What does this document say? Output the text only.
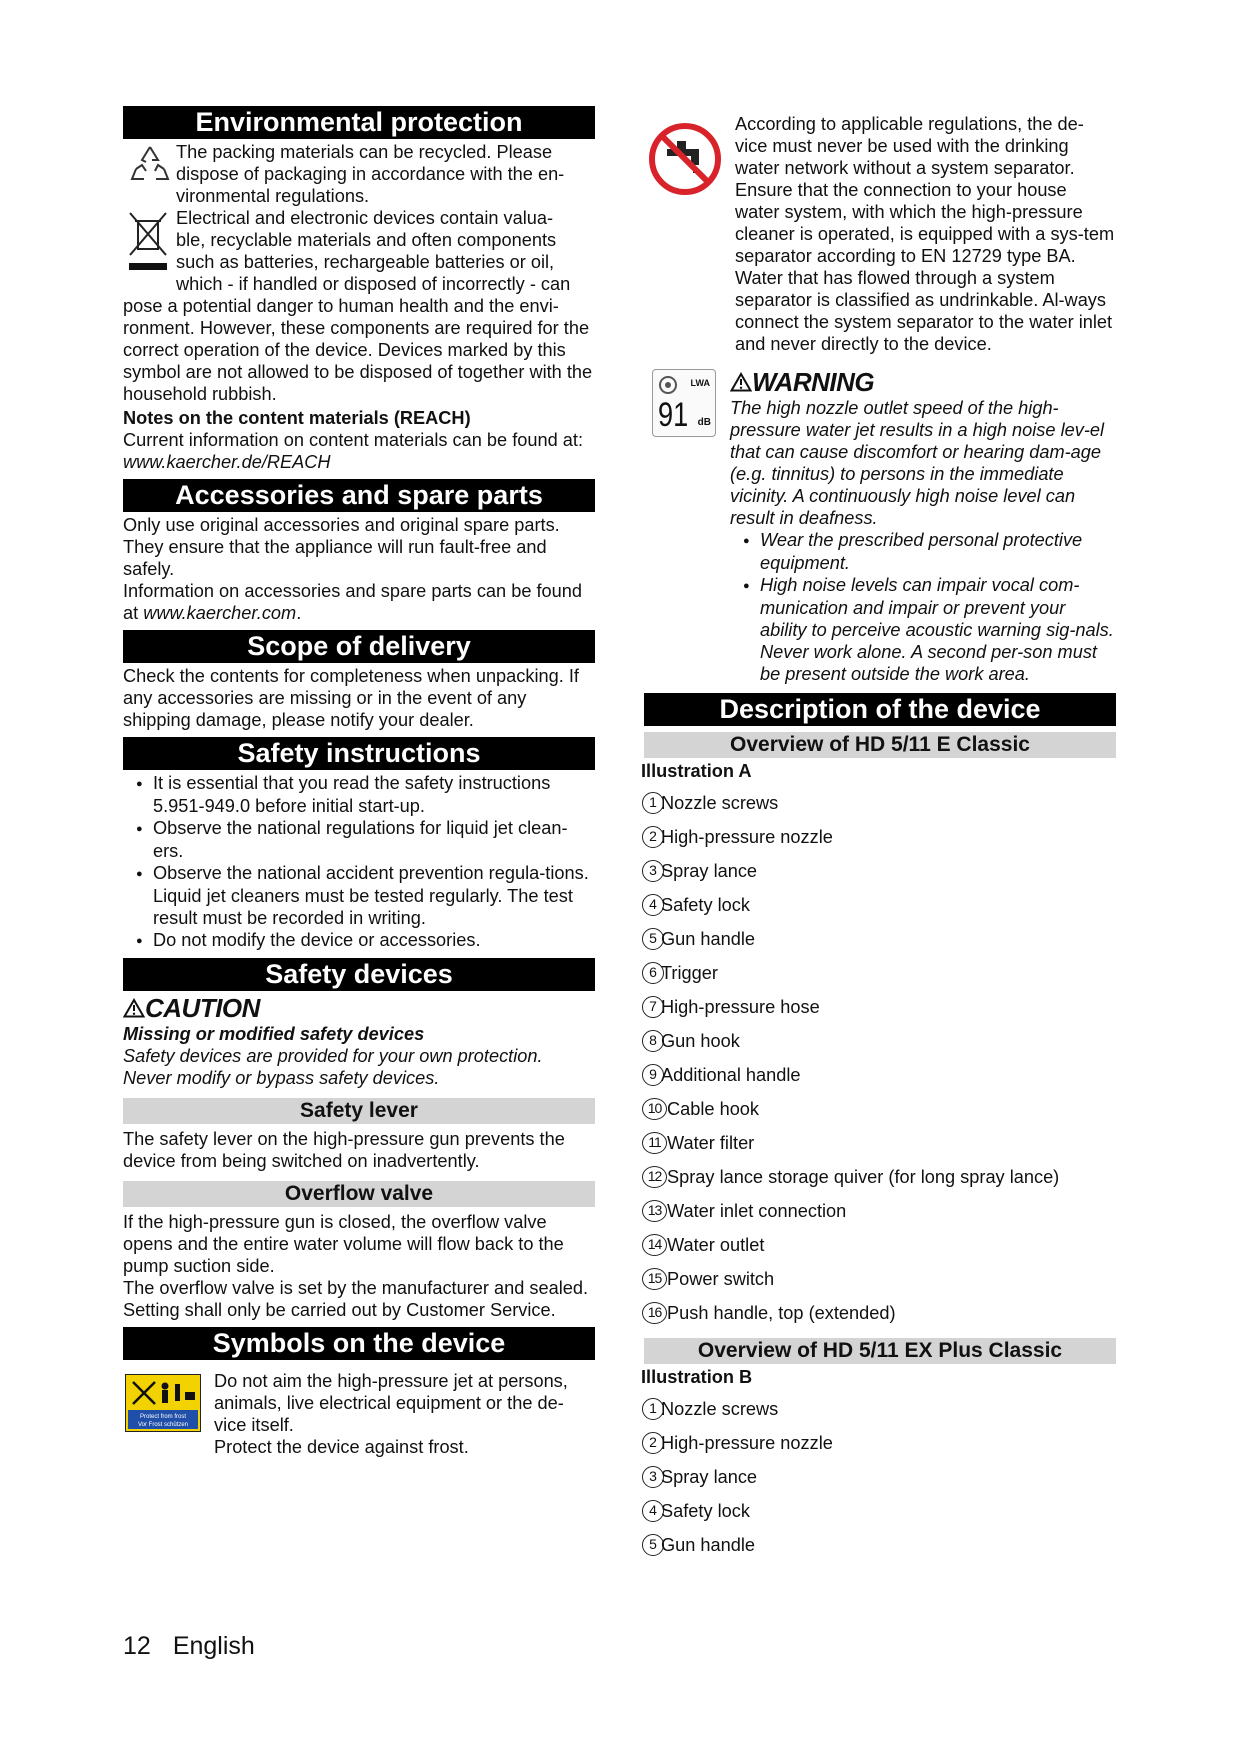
Environmental protection

The packing materials can be recycled. Please

dispose of packaging in accordance with the en-

vironmental regulations.

Electrical and electronic devices contain valua-

ble, recyclable materials and often components

such as batteries, rechargeable batteries or oil,

which - if handled or disposed of incorrectly - can

pose a potential danger to human health and the envi-ronment. However, these components are required for the correct operation of the device. Devices marked by this symbol are not allowed to be disposed of together with the household rubbish.

Notes on the content materials (REACH)

Current information on content materials can be found at: www.kaercher.de/REACH

Accessories and spare parts

Only use original accessories and original spare parts. They ensure that the appliance will run fault-free and safely.

Information on accessories and spare parts can be found at www.kaercher.com.

Scope of delivery

Check the contents for completeness when unpacking. If any accessories are missing or in the event of any shipping damage, please notify your dealer.

Safety instructions

● It is essential that you read the safety instructions 5.951-949.0 before initial start-up.

● Observe the national regulations for liquid jet clean-ers.

● Observe the national accident prevention regula-tions. Liquid jet cleaners must be tested regularly. The test result must be recorded in writing.

● Do not modify the device or accessories.

Safety devices
CAUTION

Missing or modified safety devices

Safety devices are provided for your own protection. Never modify or bypass safety devices.

Safety lever

The safety lever on the high-pressure gun prevents the device from being switched on inadvertently.

Overflow valve

If the high-pressure gun is closed, the overflow valve opens and the entire water volume will flow back to the pump suction side.

The overflow valve is set by the manufacturer and sealed. Setting shall only be carried out by Customer Service.

Symbols on the device
Protect from frost
Vor Frost schützen

Do not aim the high-pressure jet at persons, animals, live electrical equipment or the de-vice itself.

Protect the device against frost.

According to applicable regulations, the de-vice must never be used with the drinking water network without a system separator. Ensure that the connection to your house water system, with which the high-pressure cleaner is operated, is equipped with a sys-tem separator according to EN 12729 type BA. Water that has flowed through a system separator is classified as undrinkable. Al-ways connect the system separator to the water inlet and never directly to the device.

LWA
91 dB
WARNING

The high nozzle outlet speed of the high-pressure water jet results in a high noise lev-el that can cause discomfort or hearing dam-age (e.g. tinnitus) to persons in the immediate vicinity. A continuously high noise level can result in deafness.

● Wear the prescribed personal protective equipment.

● High noise levels can impair vocal com-munication and impair or prevent your ability to perceive acoustic warning sig-nals. Never work alone. A second per-son must be present outside the work area.

Description of the device
Overview of HD 5/11 E Classic

Illustration A

1 Nozzle screws
2 High-pressure nozzle
3 Spray lance
4 Safety lock
5 Gun handle
6 Trigger
7 High-pressure hose
8 Gun hook
9 Additional handle
10 Cable hook
11 Water filter
12 Spray lance storage quiver (for long spray lance)
13 Water inlet connection
14 Water outlet
15 Power switch
16 Push handle, top (extended)
Overview of HD 5/11 EX Plus Classic

Illustration B

1 Nozzle screws
2 High-pressure nozzle
3 Spray lance
4 Safety lock
5 Gun handle
12 English
